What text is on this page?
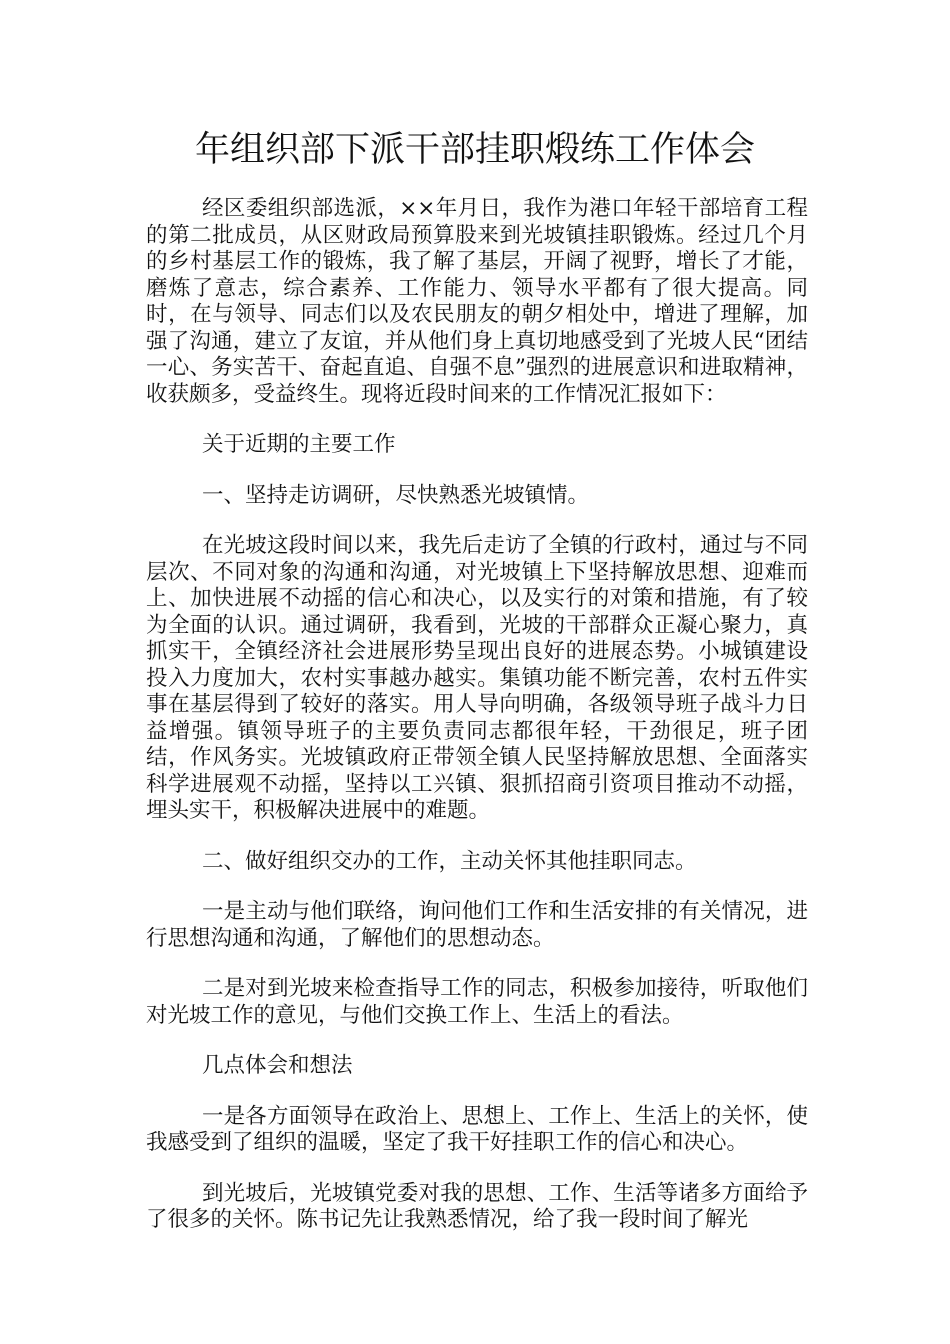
年组织部下派干部挂职煅练工作体会

经区委组织部选派，××年月日，我作为港口年轻干部培育工程的第二批成员，从区财政局预算股来到光坡镇挂职锻炼。经过几个月的乡村基层工作的锻炼，我了解了基层，开阔了视野，增长了才能，磨炼了意志，综合素养、工作能力、领导水平都有了很大提高。同时，在与领导、同志们以及农民朋友的朝夕相处中，增进了理解，加强了沟通，建立了友谊，并从他们身上真切地感受到了光坡人民“团结一心、务实苦干、奋起直追、自强不息”强烈的进展意识和进取精神，收获颇多，受益终生。现将近段时间来的工作情况汇报如下：

关于近期的主要工作

一、坚持走访调研，尽快熟悉光坡镇情。

在光坡这段时间以来，我先后走访了全镇的行政村，通过与不同层次、不同对象的沟通和沟通，对光坡镇上下坚持解放思想、迎难而上、加快进展不动摇的信心和决心，以及实行的对策和措施，有了较为全面的认识。通过调研，我看到，光坡的干部群众正凝心聚力，真抓实干，全镇经济社会进展形势呈现出良好的进展态势。小城镇建设投入力度加大，农村实事越办越实。集镇功能不断完善，农村五件实事在基层得到了较好的落实。用人导向明确，各级领导班子战斗力日益增强。镇领导班子的主要负责同志都很年轻，干劲很足，班子团结，作风务实。光坡镇政府正带领全镇人民坚持解放思想、全面落实科学进展观不动摇，坚持以工兴镇、狠抓招商引资项目推动不动摇，埋头实干，积极解决进展中的难题。

二、做好组织交办的工作，主动关怀其他挂职同志。

一是主动与他们联络，询问他们工作和生活安排的有关情况，进行思想沟通和沟通，了解他们的思想动态。

二是对到光坡来检查指导工作的同志，积极参加接待，听取他们对光坡工作的意见，与他们交换工作上、生活上的看法。

几点体会和想法

一是各方面领导在政治上、思想上、工作上、生活上的关怀，使我感受到了组织的温暖，坚定了我干好挂职工作的信心和决心。

到光坡后，光坡镇党委对我的思想、工作、生活等诸多方面给予了很多的关怀。陈书记先让我熟悉情况，给了我一段时间了解光
